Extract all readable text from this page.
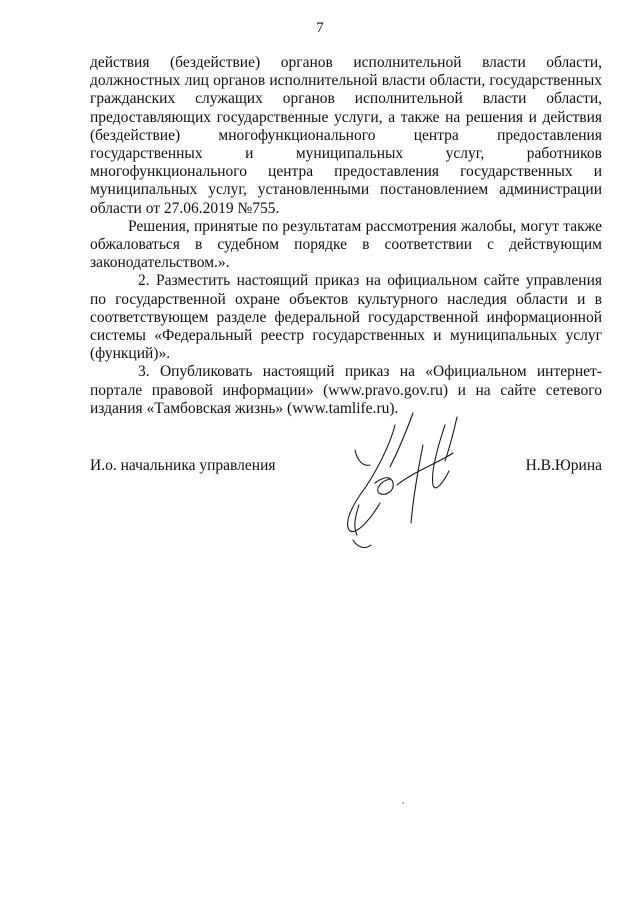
7

действия (бездействие) органов исполнительной власти области, должностных лиц органов исполнительной власти области, государственных гражданских служащих органов исполнительной власти области, предоставляющих государственные услуги, а также на решения и действия (бездействие) многофункционального центра предоставления государственных и муниципальных услуг, работников многофункционального центра предоставления государственных и муниципальных услуг, установленными постановлением администрации области от 27.06.2019 №755.

Решения, принятые по результатам рассмотрения жалобы, могут также обжаловаться в судебном порядке в соответствии с действующим законодательством.».

2. Разместить настоящий приказ на официальном сайте управления по государственной охране объектов культурного наследия области и в соответствующем разделе федеральной государственной информационной системы «Федеральный реестр государственных и муниципальных услуг (функций)».

3. Опубликовать настоящий приказ на «Официальном интернет-портале правовой информации» (www.pravo.gov.ru) и на сайте сетевого издания «Тамбовская жизнь» (www.tamlife.ru).

И.о. начальника управления	Н.В.Юрина
